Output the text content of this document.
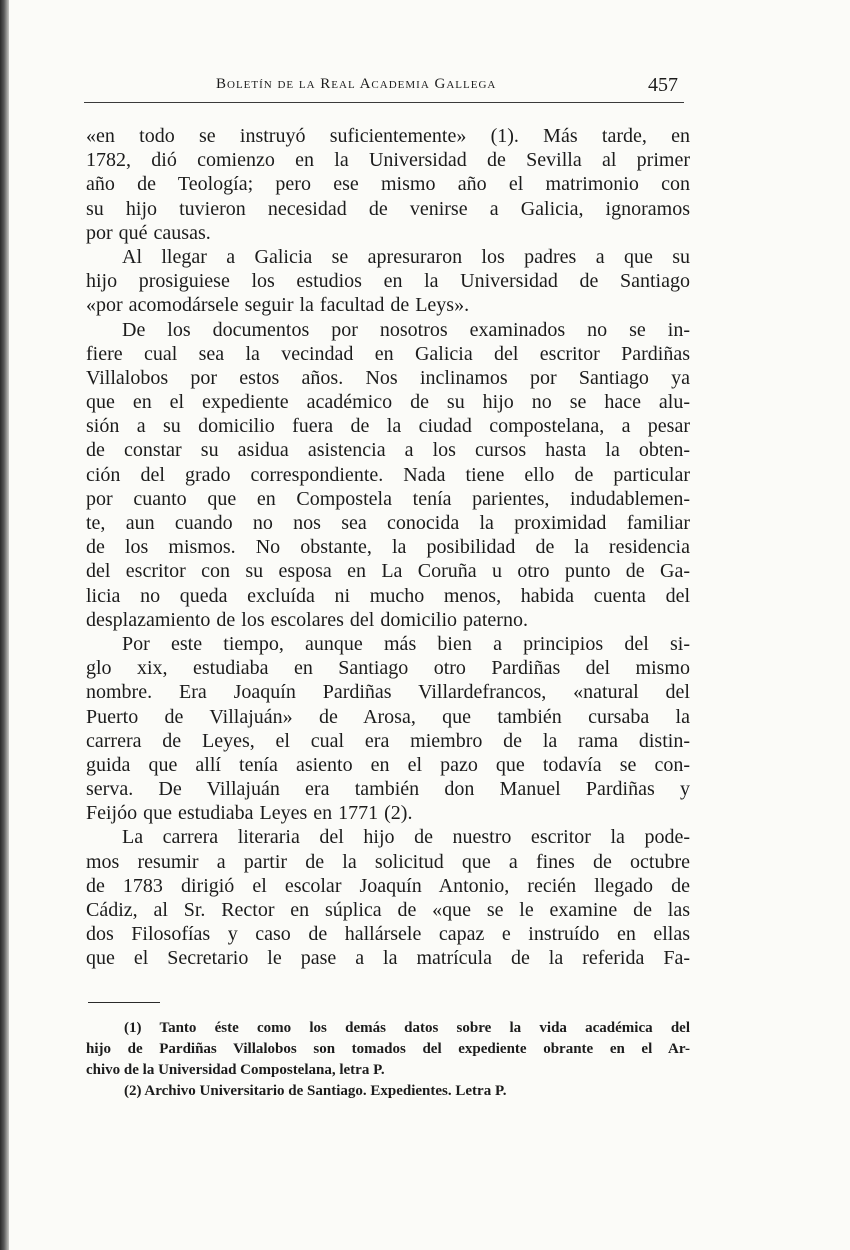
Boletín de la Real Academia Gallega	457
«en todo se instruyó suficientemente» (1). Más tarde, en
1782, dió comienzo en la Universidad de Sevilla al primer
año de Teología; pero ese mismo año el matrimonio con
su hijo tuvieron necesidad de venirse a Galicia, ignoramos
por qué causas.
Al llegar a Galicia se apresuraron los padres a que su
hijo prosiguiese los estudios en la Universidad de Santiago
«por acomodársele seguir la facultad de Leys».
De los documentos por nosotros examinados no se in-
fiere cual sea la vecindad en Galicia del escritor Pardiñas
Villalobos por estos años. Nos inclinamos por Santiago ya
que en el expediente académico de su hijo no se hace alu-
sión a su domicilio fuera de la ciudad compostelana, a pesar
de constar su asidua asistencia a los cursos hasta la obten-
ción del grado correspondiente. Nada tiene ello de particular
por cuanto que en Compostela tenía parientes, indudablemen-
te, aun cuando no nos sea conocida la proximidad familiar
de los mismos. No obstante, la posibilidad de la residencia
del escritor con su esposa en La Coruña u otro punto de Ga-
licia no queda excluída ni mucho menos, habida cuenta del
desplazamiento de los escolares del domicilio paterno.
Por este tiempo, aunque más bien a principios del si-
glo xix, estudiaba en Santiago otro Pardiñas del mismo
nombre. Era Joaquín Pardiñas Villardefrancos, «natural del
Puerto de Villajuán» de Arosa, que también cursaba la
carrera de Leyes, el cual era miembro de la rama distin-
guida que allí tenía asiento en el pazo que todavía se con-
serva. De Villajuán era también don Manuel Pardiñas y
Feijóo que estudiaba Leyes en 1771 (2).
La carrera literaria del hijo de nuestro escritor la pode-
mos resumir a partir de la solicitud que a fines de octubre
de 1783 dirigió el escolar Joaquín Antonio, recién llegado de
Cádiz, al Sr. Rector en súplica de «que se le examine de las
dos Filosofías y caso de hallársele capaz e instruído en ellas
que el Secretario le pase a la matrícula de la referida Fa-
(1) Tanto éste como los demás datos sobre la vida académica del
hijo de Pardiñas Villalobos son tomados del expediente obrante en el Ar-
chivo de la Universidad Compostelana, letra P.
(2) Archivo Universitario de Santiago. Expedientes. Letra P.
